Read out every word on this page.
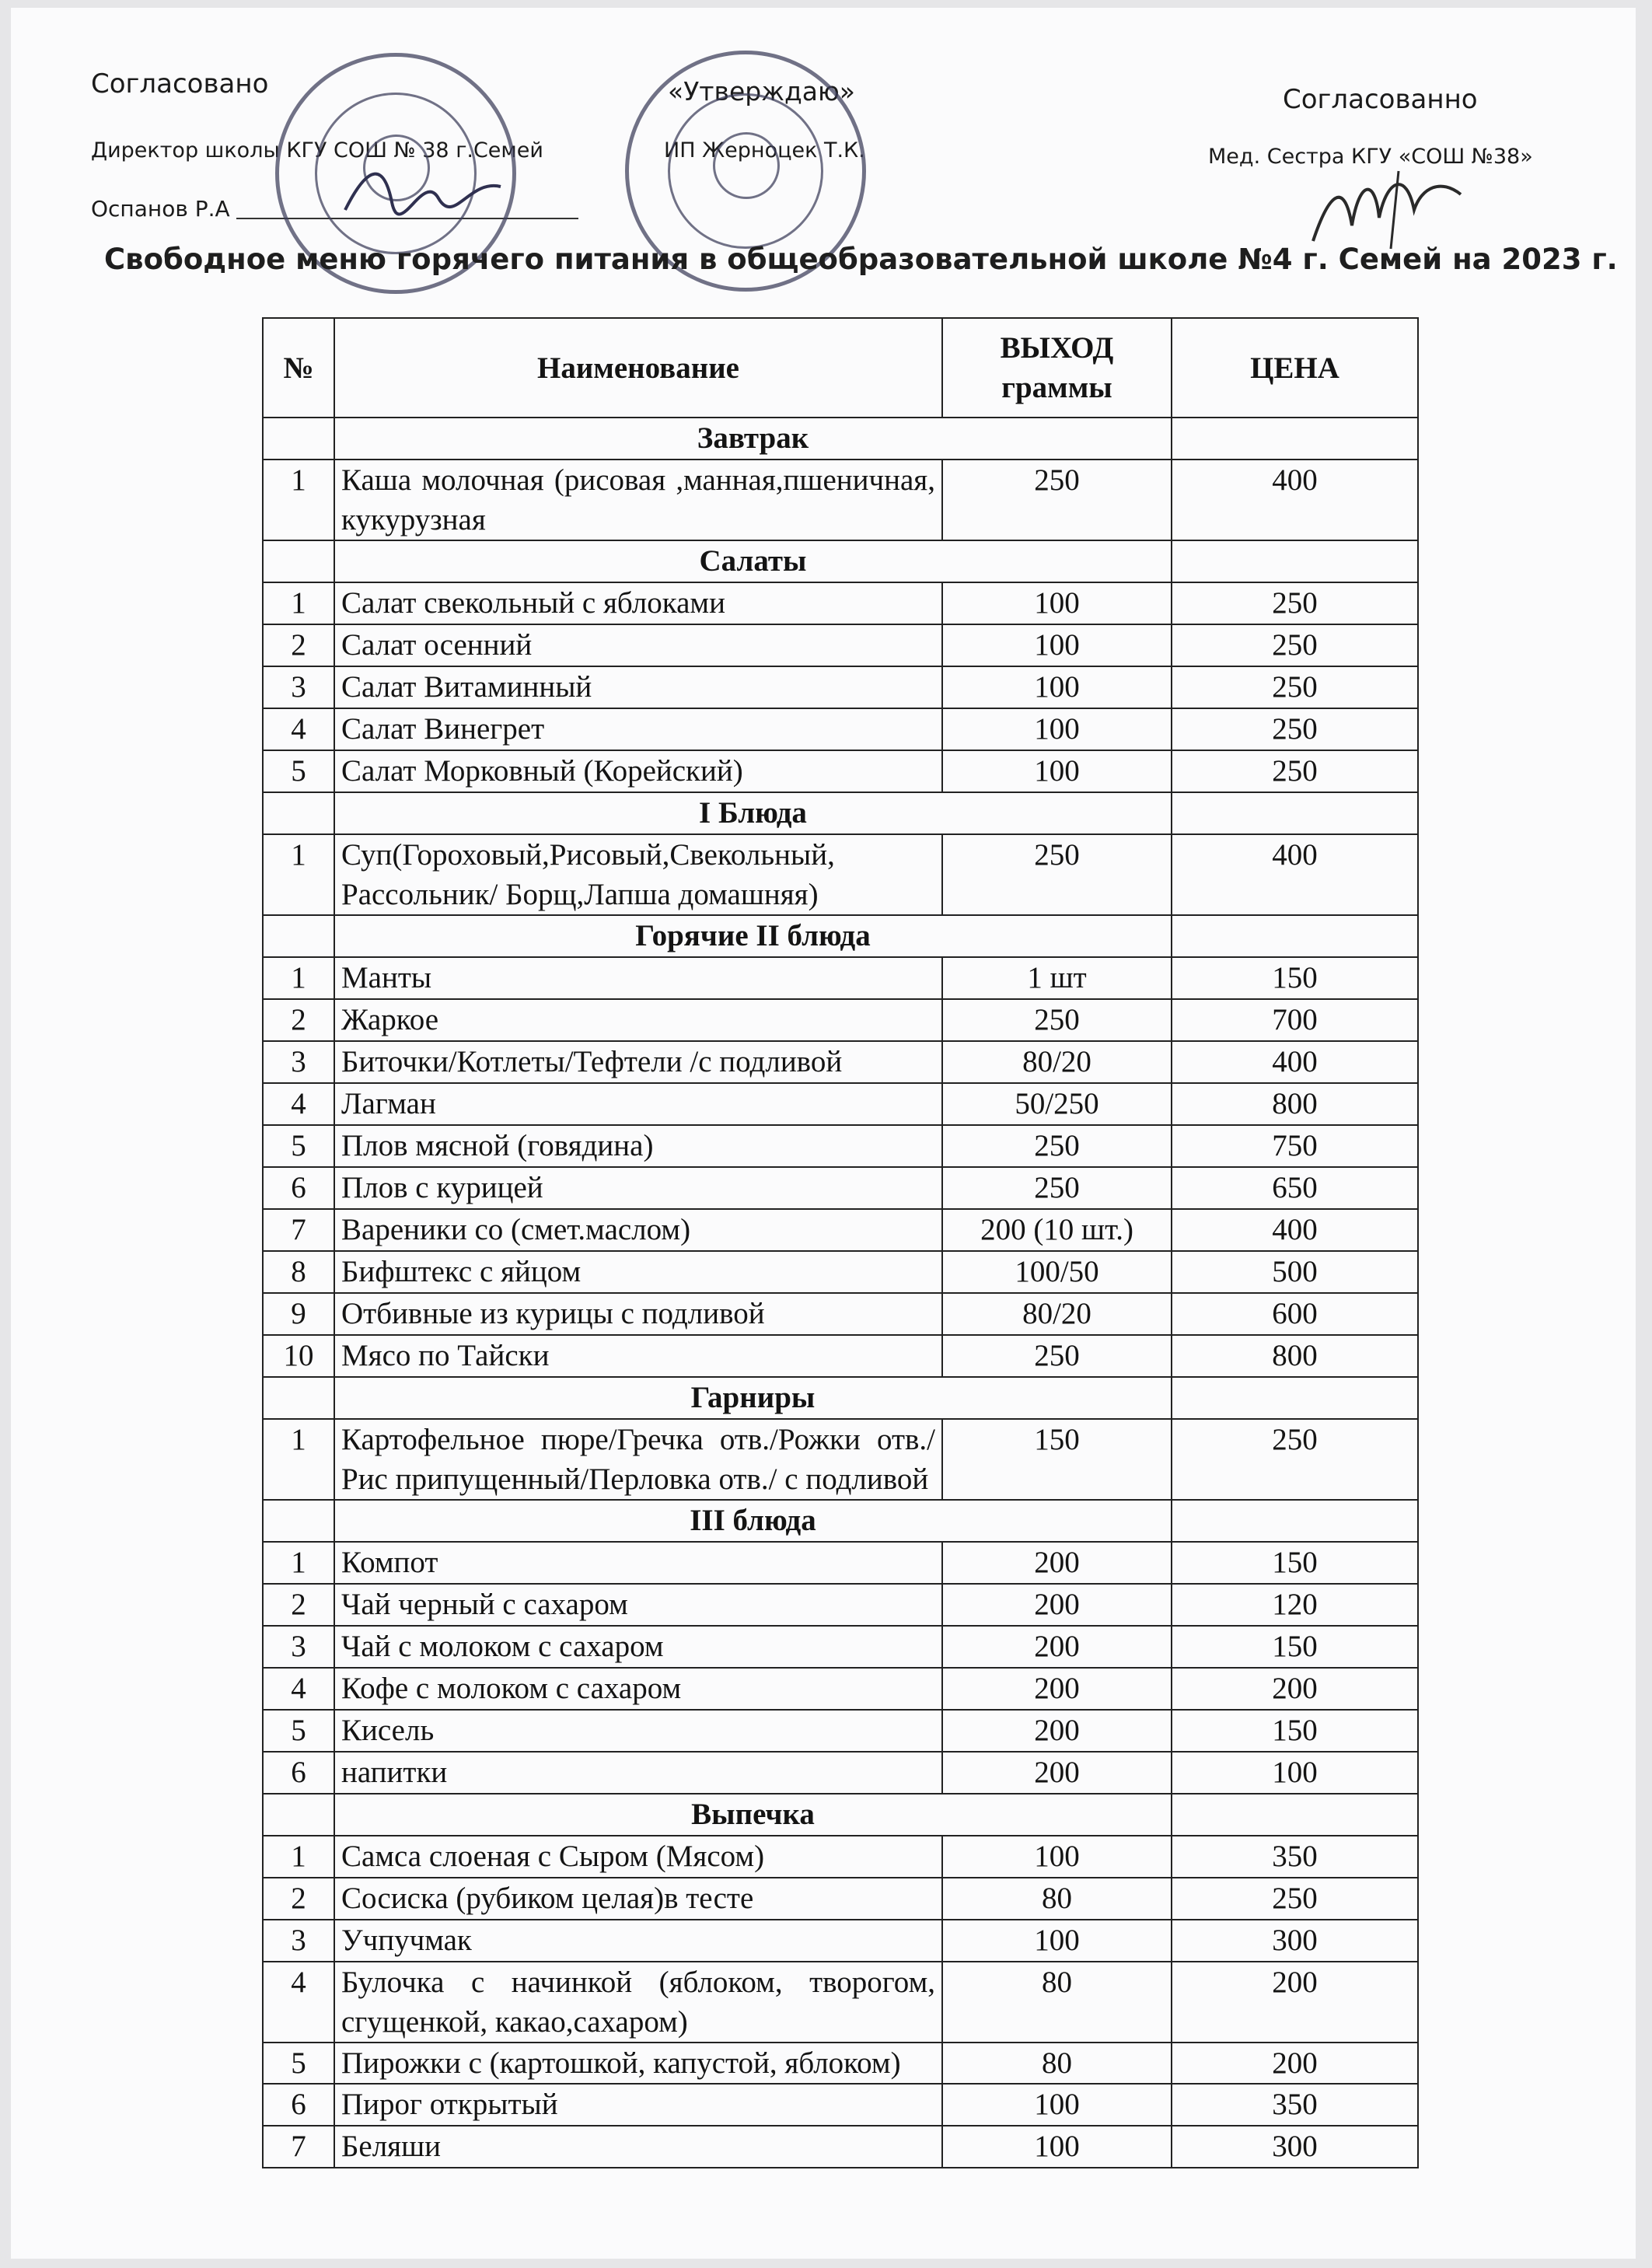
Согласовано
Директор школы КГУ СОШ № 38 г.Семей
Оспанов Р.А
«Утверждаю»
ИП Жерноцек Т.К.
Согласованно
Мед. Сестра КГУ «СОШ №38»
Свободное меню горячего питания в общеобразовательной школе №4 г. Семей на 2023 г.
№	Наименование	ВЫХОД граммы	ЦЕНА
	Завтрак		
1	Каша молочная (рисовая ,манная,пшеничная, кукурузная	250	400
	Салаты		
1	Салат свекольный с яблоками	100	250
2	Салат осенний	100	250
3	Салат Витаминный	100	250
4	Салат Винегрет	100	250
5	Салат Морковный (Корейский)	100	250
	I Блюда		
1	Суп(Гороховый,Рисовый,Свекольный, Рассольник/ Борщ,Лапша домашняя)	250	400
	Горячие II блюда		
1	Манты	1 шт	150
2	Жаркое	250	700
3	Биточки/Котлеты/Тефтели /с подливой	80/20	400
4	Лагман	50/250	800
5	Плов мясной (говядина)	250	750
6	Плов с курицей	250	650
7	Вареники со (смет.маслом)	200 (10 шт.)	400
8	Бифштекс с яйцом	100/50	500
9	Отбивные из курицы с подливой	80/20	600
10	Мясо по Тайски	250	800
	Гарниры		
1	Картофельное пюре/Гречка отв./Рожки отв./Рис припущенный/Перловка отв./ с подливой	150	250
	III блюда		
1	Компот	200	150
2	Чай черный с сахаром	200	120
3	Чай с молоком с сахаром	200	150
4	Кофе с молоком с сахаром	200	200
5	Кисель	200	150
6	напитки	200	100
	Выпечка		
1	Самса слоеная с Сыром (Мясом)	100	350
2	Сосиска (рубиком целая)в тесте	80	250
3	Учпучмак	100	300
4	Булочка с начинкой (яблоком, творогом, сгущенкой, какао,сахаром)	80	200
5	Пирожки с (картошкой, капустой, яблоком)	80	200
6	Пирог открытый	100	350
7	Беляши	100	300
